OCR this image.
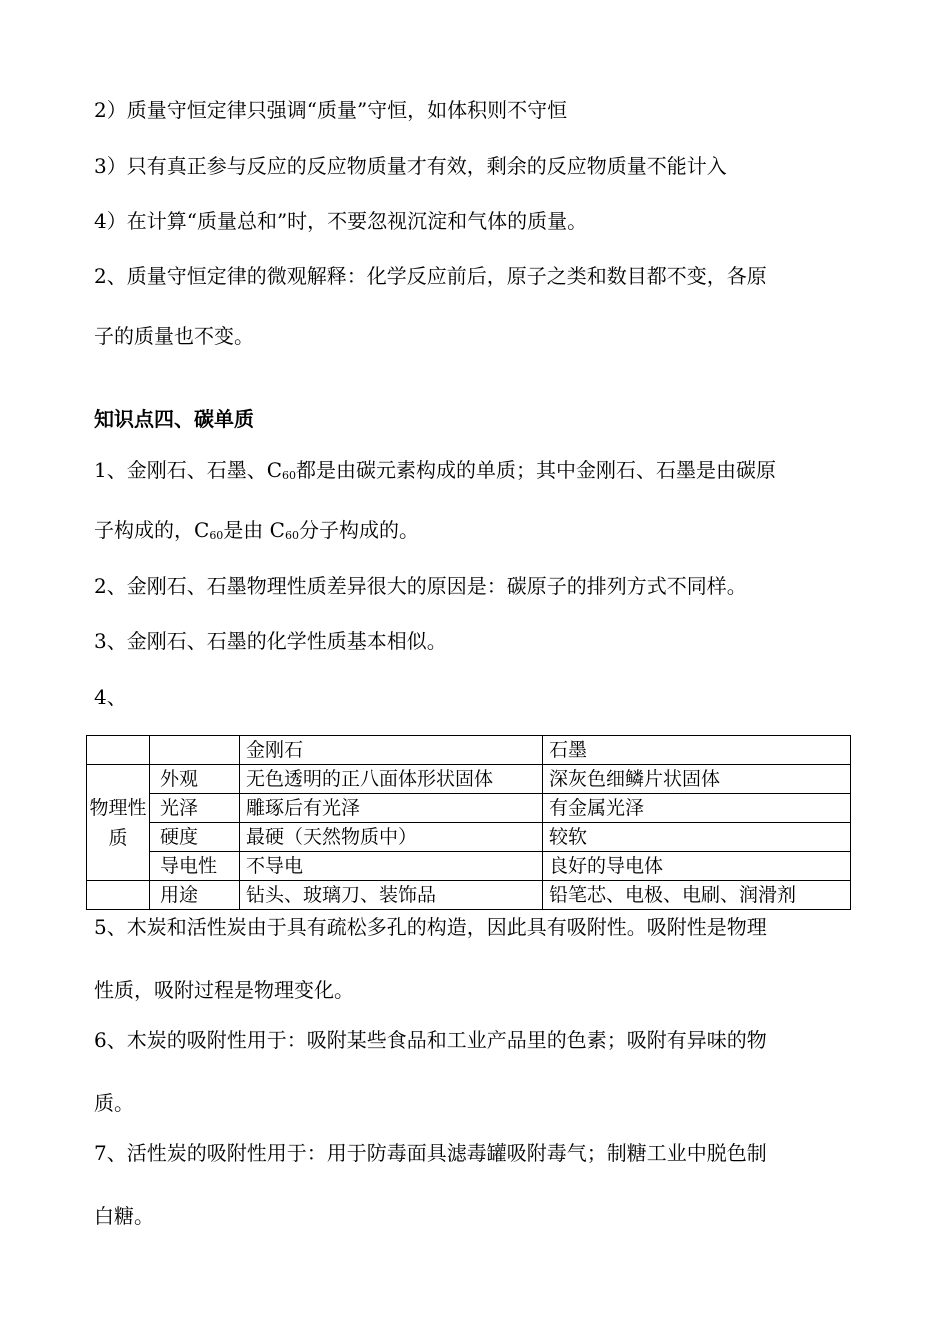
2）质量守恒定律只强调“质量”守恒，如体积则不守恒
3）只有真正参与反应的反应物质量才有效，剩余的反应物质量不能计入
4）在计算“质量总和”时，不要忽视沉淀和气体的质量。
2、质量守恒定律的微观解释：化学反应前后，原子之类和数目都不变，各原
子的质量也不变。
知识点四、碳单质
1、金刚石、石墨、$C_{60}$都是由碳元素构成的单质；其中金刚石、石墨是由碳原
子构成的，$C_{60}$是由 $C_{60}$分子构成的。
2、金刚石、石墨物理性质差异很大的原因是：碳原子的排列方式不同样。
3、金刚石、石墨的化学性质基本相似。
4、
		金刚石	石墨
物理性质	外观	无色透明的正八面体形状固体	深灰色细鳞片状固体
	光泽	雕琢后有光泽	有金属光泽
	硬度	最硬（天然物质中）	较软
	导电性	不导电	良好的导电体
	用途	钻头、玻璃刀、装饰品	铅笔芯、电极、电刷、润滑剂
5、木炭和活性炭由于具有疏松多孔的构造，因此具有吸附性。吸附性是物理
性质，吸附过程是物理变化。
6、木炭的吸附性用于：吸附某些食品和工业产品里的色素；吸附有异味的物
质。
7、活性炭的吸附性用于：用于防毒面具滤毒罐吸附毒气；制糖工业中脱色制
白糖。
